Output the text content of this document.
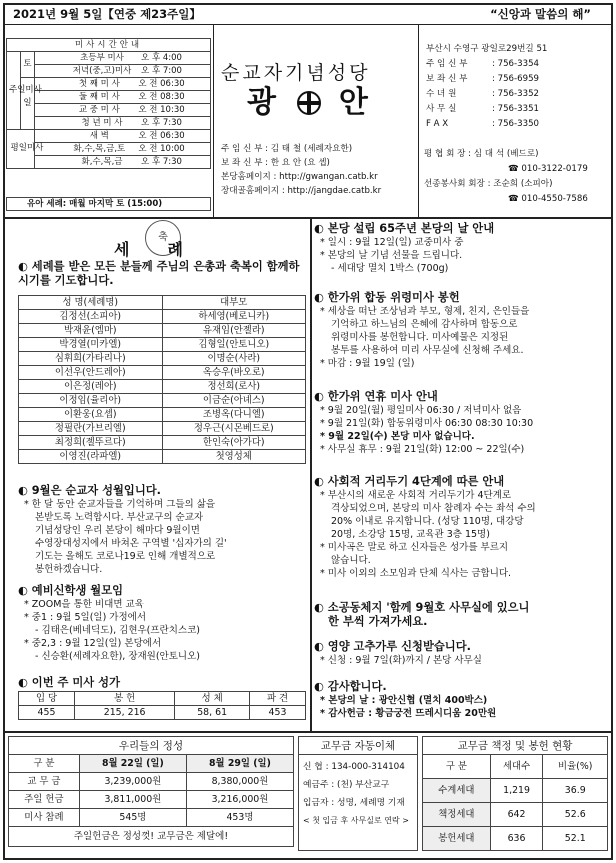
2021년 9월 5일【연중 제23주일】	“신앙과 말씀의 해”
미사시간안내		
주일미사	토	초등부 미사 오 후 4:00
		저녁(중,고)미사 오 후 7:00
	일	첫 째 미 사 오 전 06:30
		둘 째 미 사 오 전 08:30
		교 중 미 사 오 전 10:30
		청 년 미 사 오 후 7:30
평일미사		새 벽 오 전 06:30
		화,수,목,금,토 오 전 10:00
		화,수,목,금 오 후 7:30
유아 세례: 매월 마지막 토 (15:00)
순교자기념성당
광 안
주 임 신 부 : 김 태 철 (세례자요한)
보 좌 신 부 : 한 요 안 (요 셉)
본당홈페이지 : http://gwangan.catb.kr
장대골홈페이지 : http://jangdae.catb.kr
부산시 수영구 광일로29번길 51
주 임 신 부	: 756-3354
보 좌 신 부	: 756-6959
수 녀 원	: 756-3352
사 무 실	: 756-3351
F A X	: 756-3350
평 협 회 장 : 심 대 석 (베드로)
☎ 010-3122-0179
선종봉사회 회장 : 조순희 (소피아)
☎ 010-4550-7586
축
세례
◐ 세례를 받은 모든 분들께 주님의 은총과 축복이 함께하시기를 기도합니다.
성 명(세례명)	대부모
김정선(소피아)	하세영(베로니카)
박재윤(엠마)	유재임(안젤라)
박경열(미카엘)	김형일(안토니오)
심휘희(가타리나)	이명순(사라)
이선우(안드레아)	옥승우(바오로)
이은정(레아)	정선희(로사)
이정임(율리아)	이금순(아녜스)
이환웅(요셉)	조병옥(다니엘)
정필란(가브리엘)	정우근(시몬베드로)
최정희(젤뚜르다)	한인숙(아가다)
이영진(라파엘)	첫영성체
◐ 9월은 순교자 성월입니다.
* 한 달 동안 순교자들을 기억하며 그들의 삶을
본받도록 노력합시다. 부산교구의 순교자
기념성당인 우리 본당이 해마다 9월이면
수영장대성지에서 바쳐온 구역별 '십자가의 길'
기도는 올해도 코로나19로 인해 개별적으로
봉헌하겠습니다.
◐ 예비신학생 월모임
* ZOOM을 통한 비대면 교육
* 중1 : 9월 5일(일) 가정에서
- 김태은(베네딕도), 김현우(프란치스코)
* 중2,3 : 9월 12일(일) 본당에서
- 신승환(세례자요한), 장재원(안토니오)
◐ 이번 주 미사 성가
입 당	봉 헌	성 체	파 견
455	215, 216	58, 61	453
◐ 본당 설립 65주년 본당의 날 안내
* 일시 : 9월 12일(일) 교중미사 중
* 본당의 날 기념 선물을 드립니다.
- 세대당 멸치 1박스 (700g)
◐ 한가위 합동 위령미사 봉헌
* 세상을 떠난 조상님과 부모, 형제, 친지, 은인들을
기억하고 하느님의 은혜에 감사하며 합동으로
위령미사를 봉헌합니다. 미사예물은 지정된
봉투를 사용하여 미리 사무실에 신청해 주세요.
* 마감 : 9월 19일 (일)
◐ 한가위 연휴 미사 안내
* 9월 20일(월) 평일미사 06:30 / 저녁미사 없음
* 9월 21일(화) 합동위령미사 06:30 08:30 10:30
* 9월 22일(수) 본당 미사 없습니다.
* 사무실 휴무 : 9월 21일(화) 12:00 ~ 22일(수)
◐ 사회적 거리두기 4단계에 따른 안내
* 부산시의 새로운 사회적 거리두기가 4단계로
격상되었으며, 본당의 미사 참례자 수는 좌석 수의
20% 이내로 유지합니다. (성당 110명, 대강당
20명, 소강당 15명, 교육관 3층 15명)
* 미사곡은 말로 하고 신자들은 성가를 부르지
않습니다.
* 미사 이외의 소모임과 단체 식사는 금합니다.
◐ 소공동체지 '함께 9월호 사무실에 있으니
한 부씩 가져가세요.
◐ 영양 고추가루 신청받습니다.
* 신청 : 9월 7일(화)까지 / 본당 사무실
◐ 감사합니다.
* 본당의 날 : 광안신협 (멸치 400박스)
* 감사헌금 : 황금궁전 뜨레시디움 20만원
우리들의 정성
구 분	8월 22일 (일)	8월 29일 (일)
교 무 금	3,239,000원	8,380,000원
주일 헌금	3,811,000원	3,216,000원
미사 참례	545명	453명
주일헌금은 정성껏! 교무금은 제달에!
교무금 자동이체
신 협 : 134-000-314104
예금주 : (천) 부산교구
입금자 : 성명, 세례명 기재
< 첫 입금 후 사무실로 연락 >
교무금 책정 및 봉헌 현황
구 분	세대수	비율(%)
수계세대	1,219	36.9
책정세대	642	52.6
봉헌세대	636	52.1
